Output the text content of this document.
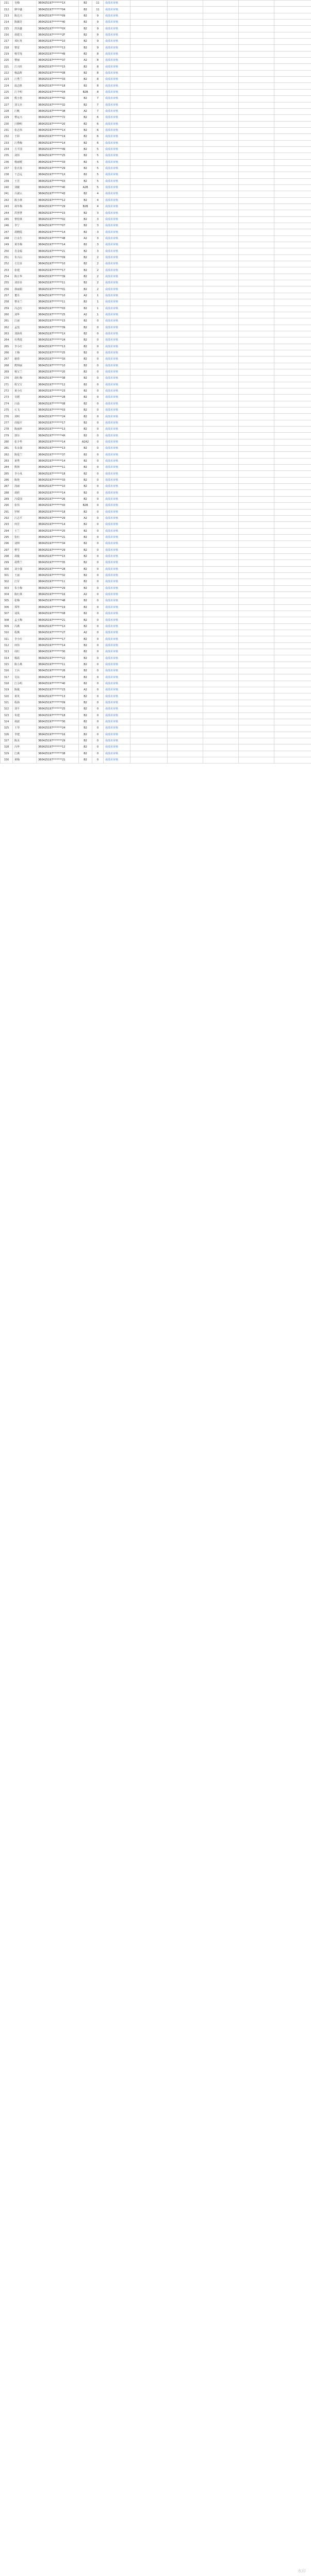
211	吴梅	360425197*******1X	B2	11	成绩未审核					
212	廖中盛	360425197*******04	B2	11	成绩未审核					
213	陈达兴	360425197*******09	B2	9	成绩未审核					
214	陈薇芳	360425197*******40	B2	9	成绩未审核					
215	洪泽鑫	360425197*******0X	B2	9	成绩未审核					
216	胡建文	360425197*******2F	B2	9	成绩未审核					
217	邓红英	360425197*******10	B2	9	成绩未审核					
218	曹雷	360425197*******13	B2	9	成绩未审核					
219	杨雪莲	360425197*******49	B2	8	成绩未审核					
220	曹丽	360425197*******37	A2	8	成绩未审核					
221	江兴旺	360425197*******15	B2	8	成绩未审核					
222	杨晶辉	360425197*******08	B2	8	成绩未审核					
223	江秀兰	360425197*******33	B2	8	成绩未审核					
224	温志胜	360425197*******18	B2	8	成绩未审核					
225	江丰明	360425197*******04	B2B	8	成绩未审核					
226	熊小艳	360425197*******42	B2	7	成绩未审核					
227	刘文兵	360425197*******32	B2	7	成绩未审核					
228	江帆	360425197*******38	A2	7	成绩未审核					
229	曹运兴	360425197*******72	B2	6	成绩未审核					
230	汪晓明	360425197*******20	B2	6	成绩未审核					
231	张志伟	360425197*******1X	B2	6	成绩未审核					
232	王婷	360425197*******19	B2	6	成绩未审核					
233	江秀梅	360425197*******14	B2	6	成绩未审核					
234	方平国	360425197*******49	B2	5	成绩未审核					
235	刘伟	360425197*******25	B2	5	成绩未审核					
236	杨丽媛	360425197*******33	B2	5	成绩未审核					
237	张亮泉	360425197*******29	B2	5	成绩未审核					
238	干志远	360425197*******1X	B2	5	成绩未审核					
239	王芳	360425197*******03	B2	5	成绩未审核					
240	刘敏	360425197*******40	A2B	5	成绩未审核					
241	吕淑云	360425197*******43	B2	4	成绩未审核					
242	陈小林	360425197*******12	B2	4	成绩未审核					
243	胡冬梅	360425197*******29	B2B	4	成绩未审核					
244	洪慧慧	360425197*******15	B2	3	成绩未审核					
245	曹桂林	360425197*******02	B2	3	成绩未审核					
246	李宁	360425197*******07	B2	3	成绩未审核					
247	胡晓霞	360425197*******14	B2	3	成绩未审核					
248	江水生	360425197*******48	A2	3	成绩未审核					
249	黄冬梅	360425197*******14	B2	3	成绩未审核					
250	肖金福	360425197*******21	B2	3	成绩未审核					
251	朱兴山	360425197*******09	B2	2	成绩未审核					
252	方长征	360425197*******10	B2	2	成绩未审核					
253	张建	360425197*******17	B2	2	成绩未审核					
254	陈万华	360425197*******39	B2	2	成绩未审核					
255	刘菲菲	360425197*******11	B2	2	成绩未审核					
256	林丽娟	360425197*******01	B2	2	成绩未审核					
257	董丹	360425197*******10	A2	1	成绩未审核					
258	曹美兰	360425197*******11	B2	1	成绩未审核					
259	冯志红	360425197*******03	B2	1	成绩未审核					
260	刘华	360425197*******25	A2	1	成绩未审核					
261	江丽	360425197*******15	B2	0	成绩未审核					
262	孟莲	360425197*******39	B2	0	成绩未审核					
263	刘海英	360425197*******1X	B2	0	成绩未审核					
264	杜秀霞	360425197*******24	B2	0	成绩未审核					
265	李小红	360425197*******13	B2	0	成绩未审核					
266	王梅	360425197*******25	B2	0	成绩未审核					
267	谢春	360425197*******3X	B2	0	成绩未审核					
268	熊帅丽	360425197*******10	B2	0	成绩未审核					
269	杨宝兰	360425197*******20	B2	0	成绩未审核					
270	胡红梅	360425197*******38	B2	0	成绩未审核					
271	程宝宝	360425197*******12	B2	0	成绩未审核					
272	黄小红	360425197*******23	B2	0	成绩未审核					
273	吴德	360425197*******28	B2	0	成绩未审核					
274	汪晨	360425197*******08	B2	0	成绩未审核					
275	石飞	360425197*******03	B2	0	成绩未审核					
276	邓明	360425197*******24	B2	0	成绩未审核					
277	周福平	360425197*******17	B2	0	成绩未审核					
278	陈丽珍	360425197*******13	B2	0	成绩未审核					
279	郭芬	360425197*******4X	B2	0	成绩未审核					
280	张少华	360425197*******14	A2A2	0	成绩未审核					
281	朱永强	360425197*******13	B2	0	成绩未审核					
282	陈爱兰	360425197*******37	B2	0	成绩未审核					
283	黄秀	360425197*******14	B2	0	成绩未审核					
284	熊林	360425197*******11	B2	0	成绩未审核					
285	李小凤	360425197*******18	B2	0	成绩未审核					
286	陈艳	360425197*******33	B2	0	成绩未审核					
287	汤丽	360425197*******10	B2	0	成绩未审核					
288	胡欣	360425197*******14	B2	0	成绩未审核					
289	冯爱国	360425197*******26	B2	0	成绩未审核					
290	张伟	360425197*******43	B2B	0	成绩未审核					
291	罗树	360425197*******18	B2	0	成绩未审核					
292	江志平	360425197*******29	A2	0	成绩未审核					
293	何芳	360425197*******14	B2	0	成绩未审核					
294	王兰	360425197*******25	B2	0	成绩未审核					
295	张红	360425197*******21	B2	0	成绩未审核					
296	刘帅	360425197*******34	B2	0	成绩未审核					
297	曹雪	360425197*******29	B2	0	成绩未审核					
298	胡俊	360425197*******15	B2	0	成绩未审核					
299	胡秀兰	360425197*******35	B2	0	成绩未审核					
300	刘小强	360425197*******28	B2	0	成绩未审核					
301	王丽	360425197*******32	B2	0	成绩未审核					
302	江军	360425197*******11	B2	0	成绩未审核					
303	朱小梅	360425197*******29	B2	0	成绩未审核					
304	陈红林	360425197*******16	A2	0	成绩未审核					
305	张梅	360425197*******48	B2	0	成绩未审核					
306	郑华	360425197*******19	B2	0	成绩未审核					
307	刘凤	360425197*******08	B2	0	成绩未审核					
308	孟玉梅	360425197*******21	B2	0	成绩未审核					
309	冯燕	360425197*******1X	B2	0	成绩未审核					
310	程燕	360425197*******27	A2	0	成绩未审核					
311	李小红	360425197*******17	B2	0	成绩未审核					
312	何伟	360425197*******14	B2	0	成绩未审核					
313	周红	360425197*******30	B2	0	成绩未审核					
314	杨霞	360425197*******22	B2	0	成绩未审核					
315	陈小燕	360425197*******11	B2	0	成绩未审核					
316	王兵	360425197*******26	B2	0	成绩未审核					
317	吴东	360425197*******18	B2	0	成绩未审核					
318	江小明	360425197*******40	B2	0	成绩未审核					
319	陈俊	360425197*******23	A2	0	成绩未审核					
320	黄英	360425197*******13	B2	0	成绩未审核					
321	程海	360425197*******09	B2	0	成绩未审核					
322	刘平	360425197*******25	B2	0	成绩未审核					
323	朱建	360425197*******18	B2	0	成绩未审核					
324	胡波	360425197*******30	B2	0	成绩未审核					
325	王琴	360425197*******24	B2	0	成绩未审核					
326	李建	360425197*******16	B2	0	成绩未审核					
327	陈美	360425197*******29	B2	0	成绩未审核					
328	冯华	360425197*******12	B2	0	成绩未审核					
329	江燕	360425197*******38	B2	0	成绩未审核					
330	黄梅	360425197*******21	B2	0	成绩未审核					
水印
